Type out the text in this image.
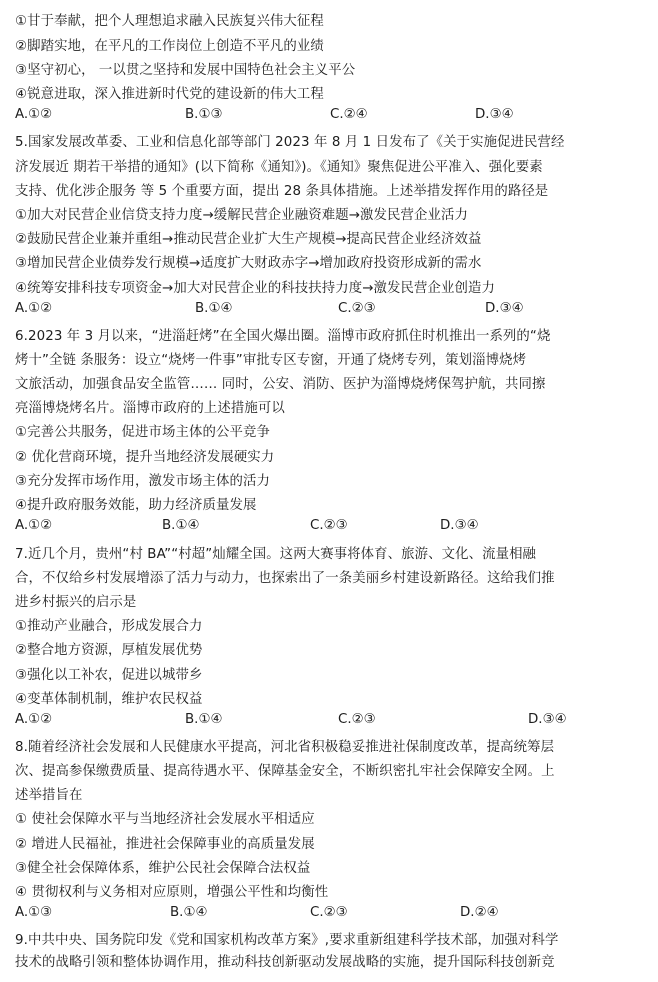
①甘于奉献，把个人理想追求融入民族复兴伟大征程
②脚踏实地，在平凡的工作岗位上创造不平凡的业绩
③坚守初心， 一以贯之坚持和发展中国特色社会主义平公
④锐意进取，深入推进新时代党的建设新的伟大工程
A.①②	B.①③	C.②④	D.③④
5.国家发展改革委、工业和信息化部等部门 2023 年 8 月 1 日发布了《关于实施促进民营经
济发展近 期若干举措的通知》(以下简称《通知》)。《通知》聚焦促进公平准入、强化要素
支持、优化涉企服务 等 5 个重要方面，提出 28 条具体措施。上述举措发挥作用的路径是
①加大对民营企业信贷支持力度→缓解民营企业融资难题→激发民营企业活力
②鼓励民营企业兼并重组→推动民营企业扩大生产规模→提高民营企业经济效益
③增加民营企业债券发行规模→适度扩大财政赤字→增加政府投资形成新的需水
④统筹安排科技专项资金→加大对民营企业的科技扶持力度→激发民营企业创造力
A.①②	B.①④	C.②③	D.③④
6.2023 年 3 月以来，“进淄赶烤”在全国火爆出圈。淄博市政府抓住时机推出一系列的“烧
烤十”全链 条服务：设立“烧烤一件事”审批专区专窗，开通了烧烤专列，策划淄博烧烤
文旅活动，加强食品安全监管…… 同时，公安、消防、医护为淄博烧烤保驾护航，共同擦
亮淄博烧烤名片。淄博市政府的上述措施可以
①完善公共服务，促进市场主体的公平竞争
② 优化营商环境，提升当地经济发展硬实力
③充分发挥市场作用，激发市场主体的活力
④提升政府服务效能，助力经济质量发展
A.①②	B.①④	C.②③	D.③④
7.近几个月，贵州“村 BA”“村超”灿耀全国。这两大赛事将体育、旅游、文化、流量相融
合，不仅给乡村发展增添了活力与动力，也探索出了一条美丽乡村建设新路径。这给我们推
进乡村振兴的启示是
①推动产业融合，形成发展合力
②整合地方资源，厚植发展优势
③强化以工补农，促进以城带乡
④变革体制机制，维护农民权益
A.①②	B.①④	C.②③	D.③④
8.随着经济社会发展和人民健康水平提高，河北省积极稳妥推进社保制度改革，提高统筹层
次、提高参保缴费质量、提高待遇水平、保障基金安全，不断织密扎牢社会保障安全网。上
述举措旨在
① 使社会保障水平与当地经济社会发展水平相适应
② 增进人民福祉，推进社会保障事业的高质量发展
③健全社会保障体系，维护公民社会保障合法权益
④ 贯彻权利与义务相对应原则，增强公平性和均衡性
A.①③	B.①④	C.②③	D.②④
9.中共中央、国务院印发《党和国家机构改革方案》,要求重新组建科学技术部，加强对科学
技术的战略引领和整体协调作用，推动科技创新驱动发展战略的实施，提升国际科技创新竞
